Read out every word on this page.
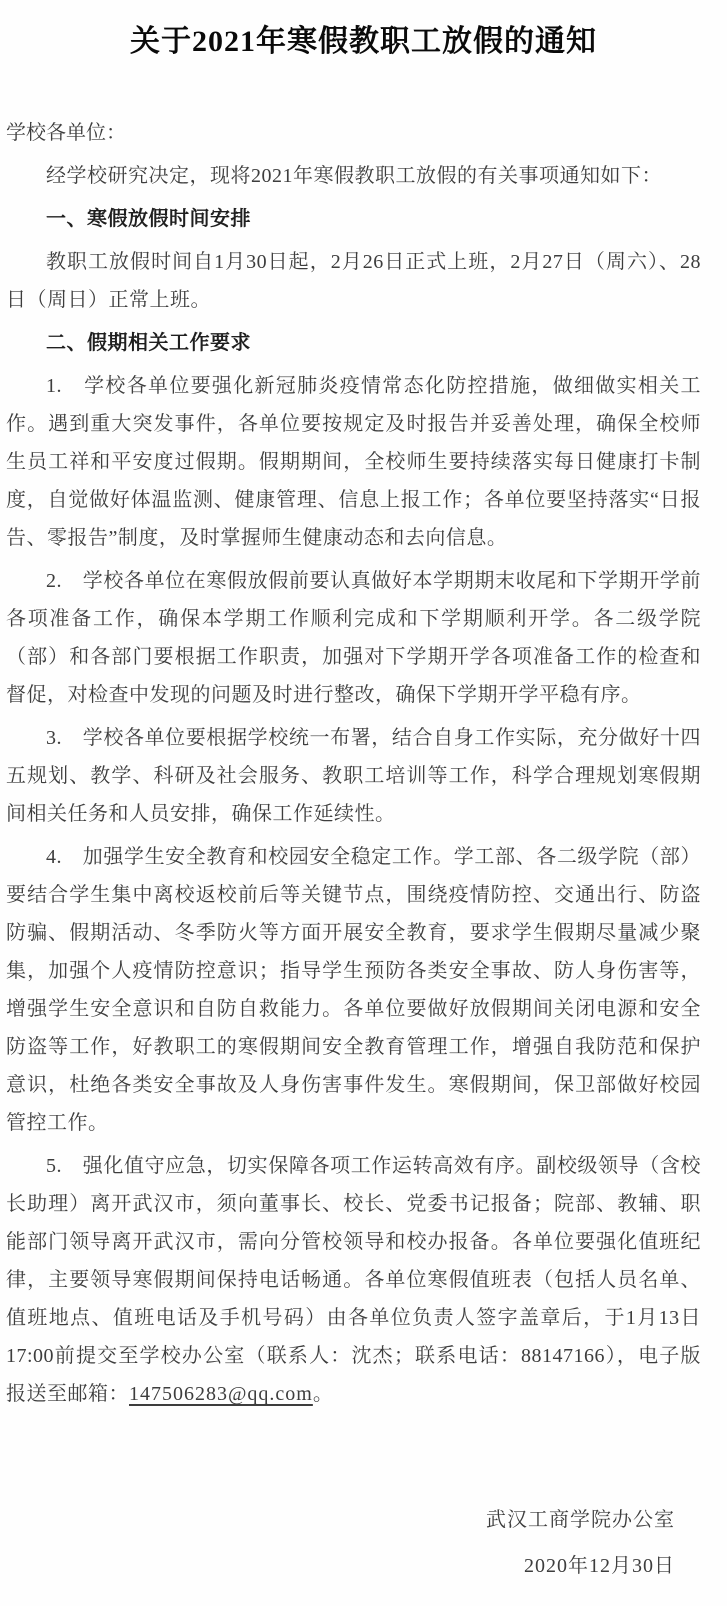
关于2021年寒假教职工放假的通知

学校各单位：

经学校研究决定，现将2021年寒假教职工放假的有关事项通知如下：

一、寒假放假时间安排

教职工放假时间自1月30日起，2月26日正式上班，2月27日（周六）、28日（周日）正常上班。

二、假期相关工作要求

1.　学校各单位要强化新冠肺炎疫情常态化防控措施，做细做实相关工作。遇到重大突发事件，各单位要按规定及时报告并妥善处理，确保全校师生员工祥和平安度过假期。假期期间，全校师生要持续落实每日健康打卡制度，自觉做好体温监测、健康管理、信息上报工作；各单位要坚持落实“日报告、零报告”制度，及时掌握师生健康动态和去向信息。

2.　学校各单位在寒假放假前要认真做好本学期期末收尾和下学期开学前各项准备工作，确保本学期工作顺利完成和下学期顺利开学。各二级学院（部）和各部门要根据工作职责，加强对下学期开学各项准备工作的检查和督促，对检查中发现的问题及时进行整改，确保下学期开学平稳有序。

3.　学校各单位要根据学校统一布署，结合自身工作实际，充分做好十四五规划、教学、科研及社会服务、教职工培训等工作，科学合理规划寒假期间相关任务和人员安排，确保工作延续性。

4.　加强学生安全教育和校园安全稳定工作。学工部、各二级学院（部）要结合学生集中离校返校前后等关键节点，围绕疫情防控、交通出行、防盗防骗、假期活动、冬季防火等方面开展安全教育，要求学生假期尽量减少聚集，加强个人疫情防控意识；指导学生预防各类安全事故、防人身伤害等，增强学生安全意识和自防自救能力。各单位要做好放假期间关闭电源和安全防盗等工作，好教职工的寒假期间安全教育管理工作，增强自我防范和保护意识，杜绝各类安全事故及人身伤害事件发生。寒假期间，保卫部做好校园管控工作。

5.　强化值守应急，切实保障各项工作运转高效有序。副校级领导（含校长助理）离开武汉市，须向董事长、校长、党委书记报备；院部、教辅、职能部门领导离开武汉市，需向分管校领导和校办报备。各单位要强化值班纪律，主要领导寒假期间保持电话畅通。各单位寒假值班表（包括人员名单、值班地点、值班电话及手机号码）由各单位负责人签字盖章后，于1月13日17:00前提交至学校办公室（联系人：沈杰；联系电话：88147166），电子版报送至邮箱：147506283@qq.com。

武汉工商学院办公室

2020年12月30日
